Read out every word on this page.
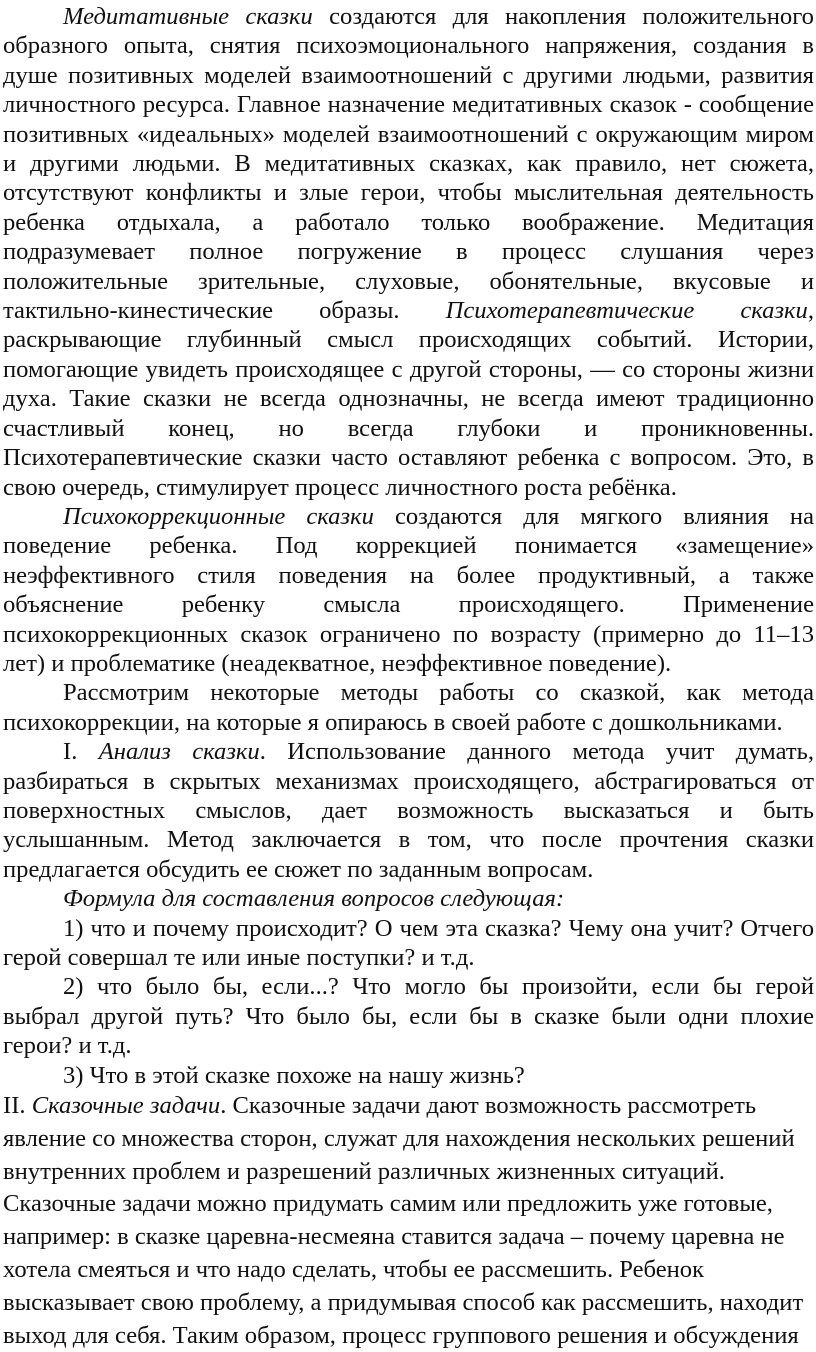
Медитативные сказки создаются для накопления положительного образного опыта, снятия психоэмоционального напряжения, создания в душе позитивных моделей взаимоотношений с другими людьми, развития личностного ресурса. Главное назначение медитативных сказок - сообщение позитивных «идеальных» моделей взаимоотношений с окружающим миром и другими людьми. В медитативных сказках, как правило, нет сюжета, отсутствуют конфликты и злые герои, чтобы мыслительная деятельность ребенка отдыхала, а работало только воображение. Медитация подразумевает полное погружение в процесс слушания через положительные зрительные, слуховые, обонятельные, вкусовые и тактильно-кинестические образы. Психотерапевтические сказки, раскрывающие глубинный смысл происходящих событий. Истории, помогающие увидеть происходящее с другой стороны, — со стороны жизни духа. Такие сказки не всегда однозначны, не всегда имеют традиционно счастливый конец, но всегда глубоки и проникновенны. Психотерапевтические сказки часто оставляют ребенка с вопросом. Это, в свою очередь, стимулирует процесс личностного роста ребёнка.

Психокоррекционные сказки создаются для мягкого влияния на поведение ребенка. Под коррекцией понимается «замещение» неэффективного стиля поведения на более продуктивный, а также объяснение ребенку смысла происходящего. Применение психокоррекционных сказок ограничено по возрасту (примерно до 11–13 лет) и проблематике (неадекватное, неэффективное поведение).

Рассмотрим некоторые методы работы со сказкой, как метода психокоррекции, на которые я опираюсь в своей работе с дошкольниками.

I. Анализ сказки. Использование данного метода учит думать, разбираться в скрытых механизмах происходящего, абстрагироваться от поверхностных смыслов, дает возможность высказаться и быть услышанным. Метод заключается в том, что после прочтения сказки предлагается обсудить ее сюжет по заданным вопросам.

Формула для составления вопросов следующая:

1) что и почему происходит? О чем эта сказка? Чему она учит? Отчего герой совершал те или иные поступки? и т.д.

2) что было бы, если...? Что могло бы произойти, если бы герой выбрал другой путь? Что было бы, если бы в сказке были одни плохие герои? и т.д.

3) Что в этой сказке похоже на нашу жизнь?

II. Сказочные задачи. Сказочные задачи дают возможность рассмотреть явление со множества сторон, служат для нахождения нескольких решений внутренних проблем и разрешений различных жизненных ситуаций. Сказочные задачи можно придумать самим или предложить уже готовые, например: в сказке царевна-несмеяна ставится задача – почему царевна не хотела смеяться и что надо сделать, чтобы ее рассмешить. Ребенок высказывает свою проблему, а придумывая способ как рассмешить, находит выход для себя. Таким образом, процесс группового решения и обсуждения
